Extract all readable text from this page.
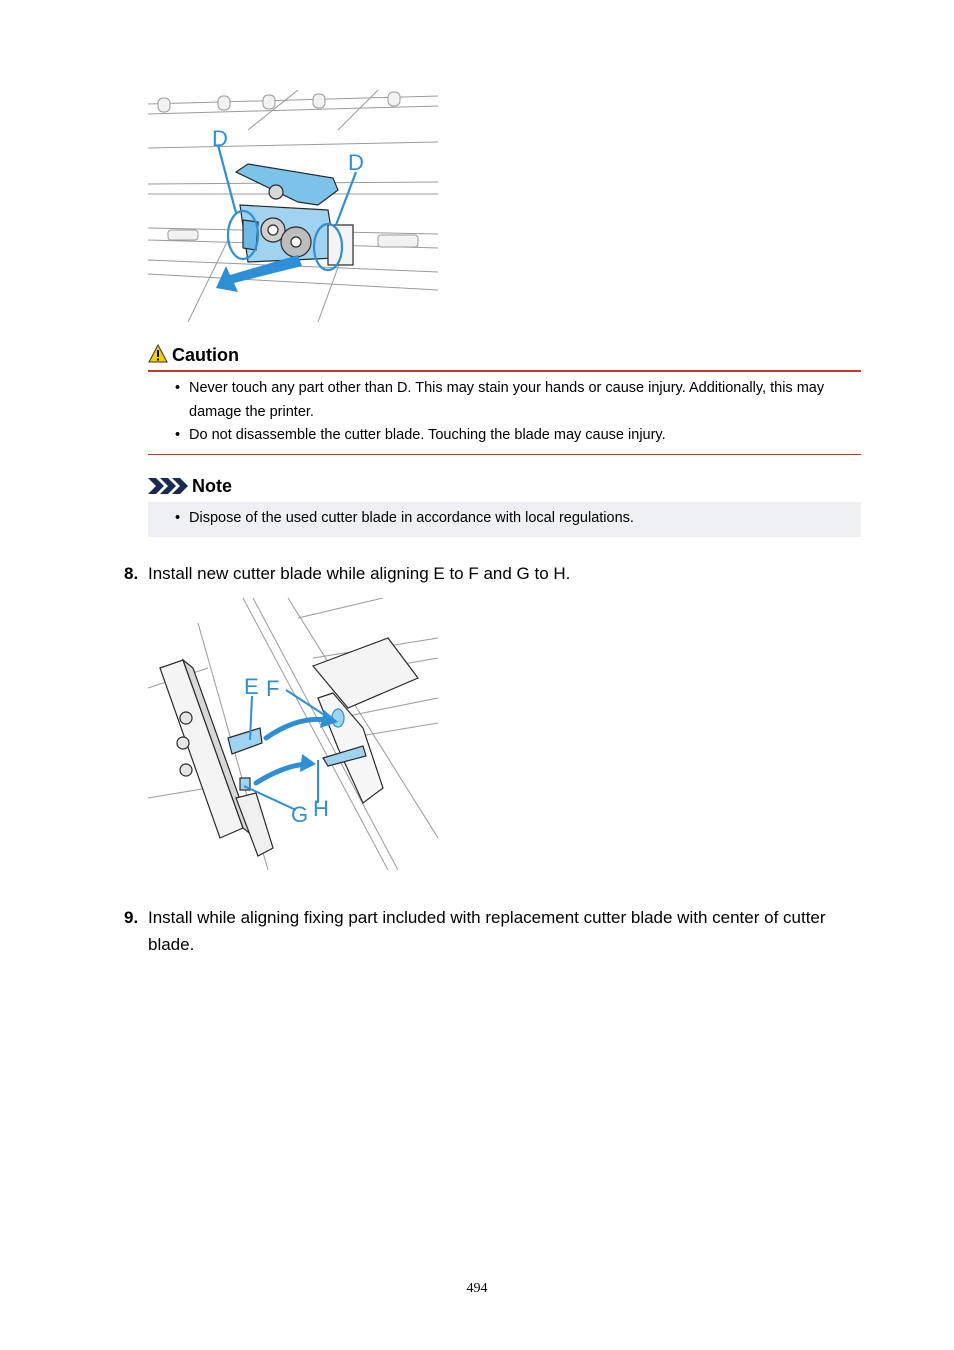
D
D
Caution
• Never touch any part other than D. This may stain your hands or cause injury. Additionally, this may damage the printer.
• Do not disassemble the cutter blade. Touching the blade may cause injury.
Note
• Dispose of the used cutter blade in accordance with local regulations.
8. Install new cutter blade while aligning E to F and G to H.
E F
G H
9. Install while aligning fixing part included with replacement cutter blade with center of cutter blade.
494
